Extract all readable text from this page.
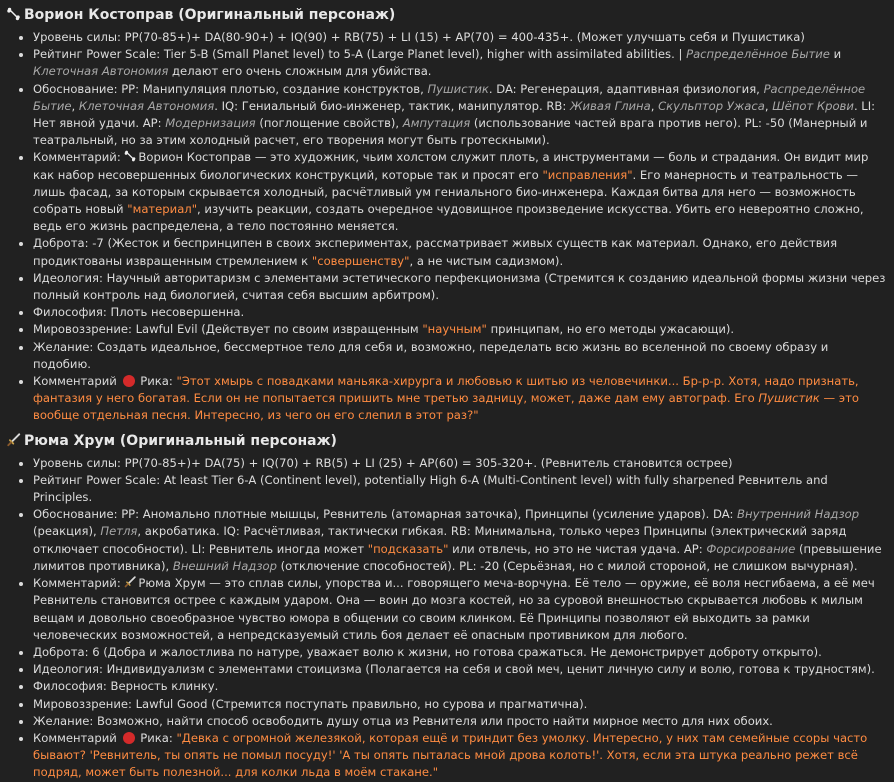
Ворион Костоправ (Оригинальный персонаж)
• Уровень силы: PP(70-85+)+ DA(80-90+) + IQ(90) + RB(75) + LI (15) + AP(70) = 400-435+. (Может улучшать себя и Пушистика)
• Рейтинг Power Scale: Tier 5-B (Small Planet level) to 5-A (Large Planet level), higher with assimilated abilities. | Распределённое Бытие и Клеточная Автономия делают его очень сложным для убийства.
• Обоснование: PP: Манипуляция плотью, создание конструктов, Пушистик. DA: Регенерация, адаптивная физиология, Распределённое Бытие, Клеточная Автономия. IQ: Гениальный био-инженер, тактик, манипулятор. RB: Живая Глина, Скульптор Ужаса, Шёпот Крови. LI: Нет явной удачи. AP: Модернизация (поглощение свойств), Ампутация (использование частей врага против него). PL: -50 (Манерный и театральный, но за этим холодный расчет, его творения могут быть гротескными).
• Комментарий: Ворион Костоправ — это художник, чьим холстом служит плоть, а инструментами — боль и страдания. Он видит мир как набор несовершенных биологических конструкций, которые так и просят его "исправления". Его манерность и театральность — лишь фасад, за которым скрывается холодный, расчётливый ум гениального био-инженера. Каждая битва для него — возможность собрать новый "материал", изучить реакции, создать очередное чудовищное произведение искусства. Убить его невероятно сложно, ведь его жизнь распределена, а тело постоянно меняется.
• Доброта: -7 (Жесток и беспринципен в своих экспериментах, рассматривает живых существ как материал. Однако, его действия продиктованы извращенным стремлением к "совершенству", а не чистым садизмом).
• Идеология: Научный авторитаризм с элементами эстетического перфекционизма (Стремится к созданию идеальной формы жизни через полный контроль над биологией, считая себя высшим арбитром).
• Философия: Плоть несовершенна.
• Мировоззрение: Lawful Evil (Действует по своим извращенным "научным" принципам, но его методы ужасающи).
• Желание: Создать идеальное, бессмертное тело для себя и, возможно, переделать всю жизнь во вселенной по своему образу и подобию.
• Комментарий  Рика: "Этот хмырь с повадками маньяка-хирурга и любовью к шитью из человечинки... Бр-р-р. Хотя, надо признать, фантазия у него богатая. Если он не попытается пришить мне третью задницу, может, даже дам ему автограф. Его Пушистик — это вообще отдельная песня. Интересно, из чего он его слепил в этот раз?"
Рюма Хрум (Оригинальный персонаж)
• Уровень силы: PP(70-85+)+ DA(75) + IQ(70) + RB(5) + LI (25) + AP(60) = 305-320+. (Ревнитель становится острее)
• Рейтинг Power Scale: At least Tier 6-A (Continent level), potentially High 6-A (Multi-Continent level) with fully sharpened Ревнитель and Principles.
• Обоснование: PP: Аномально плотные мышцы, Ревнитель (атомарная заточка), Принципы (усиление ударов). DA: Внутренний Надзор (реакция), Петля, акробатика. IQ: Расчётливая, тактически гибкая. RB: Минимальна, только через Принципы (электрический заряд отключает способности). LI: Ревнитель иногда может "подсказать" или отвлечь, но это не чистая удача. AP: Форсирование (превышение лимитов противника), Внешний Надзор (отключение способностей). PL: -20 (Серьёзная, но с милой стороной, не слишком вычурная).
• Комментарий: Рюма Хрум — это сплав силы, упорства и... говорящего меча-ворчуна. Её тело — оружие, её воля несгибаема, а её меч Ревнитель становится острее с каждым ударом. Она — воин до мозга костей, но за суровой внешностью скрывается любовь к милым вещам и довольно своеобразное чувство юмора в общении со своим клинком. Её Принципы позволяют ей выходить за рамки человеческих возможностей, а непредсказуемый стиль боя делает её опасным противником для любого.
• Доброта: 6 (Добра и жалостлива по натуре, уважает волю к жизни, но готова сражаться. Не демонстрирует доброту открыто).
• Идеология: Индивидуализм с элементами стоицизма (Полагается на себя и свой меч, ценит личную силу и волю, готова к трудностям).
• Философия: Верность клинку.
• Мировоззрение: Lawful Good (Стремится поступать правильно, но сурова и прагматична).
• Желание: Возможно, найти способ освободить душу отца из Ревнителя или просто найти мирное место для них обоих.
• Комментарий  Рика: "Девка с огромной железякой, которая ещё и триндит без умолку. Интересно, у них там семейные ссоры часто бывают? 'Ревнитель, ты опять не помыл посуду!' 'А ты опять пыталась мной дрова колоть!'. Хотя, если эта штука реально режет всё подряд, может быть полезной... для колки льда в моём стакане."
